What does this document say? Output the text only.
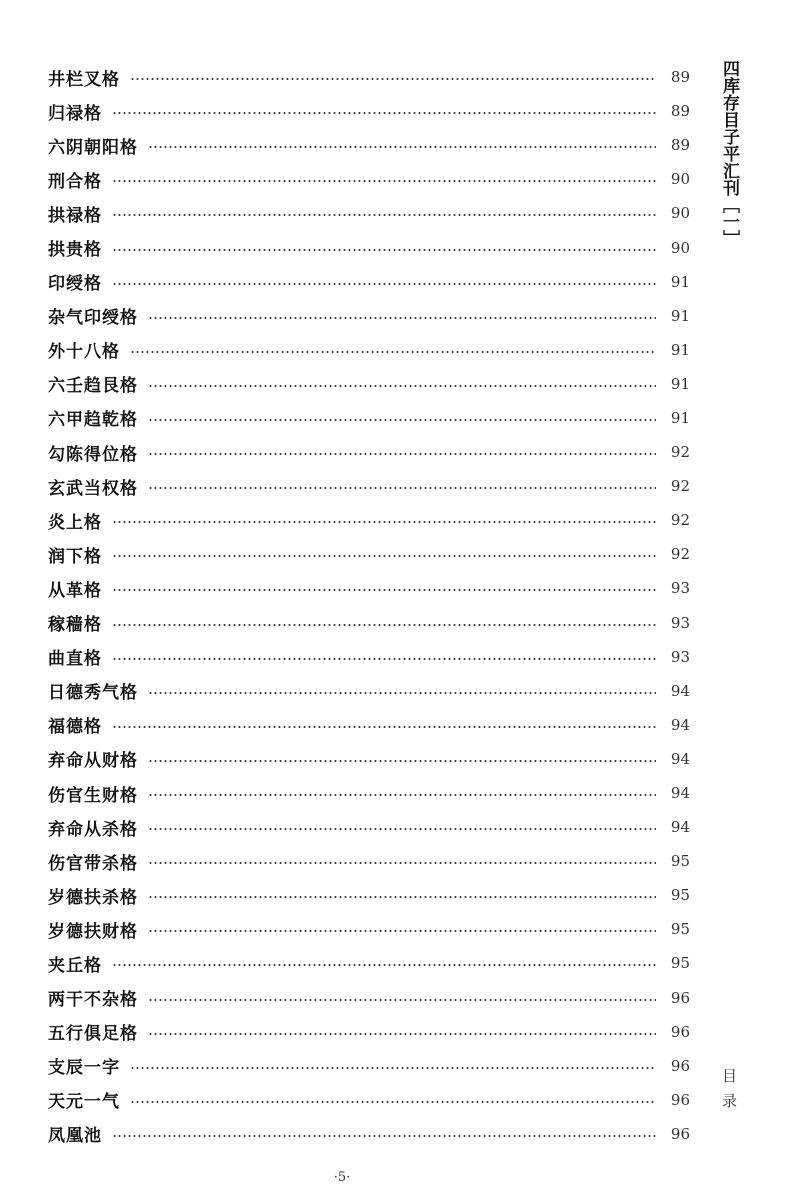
井栏叉格	89
归禄格	89
六阴朝阳格	89
刑合格	90
拱禄格	90
拱贵格	90
印绶格	91
杂气印绶格	91
外十八格	91
六壬趋艮格	91
六甲趋乾格	91
勾陈得位格	92
玄武当权格	92
炎上格	92
润下格	92
从革格	93
稼穑格	93
曲直格	93
日德秀气格	94
福德格	94
弃命从财格	94
伤官生财格	94
弃命从杀格	94
伤官带杀格	95
岁德扶杀格	95
岁德扶财格	95
夹丘格	95
两干不杂格	96
五行俱足格	96
支辰一字	96
天元一气	96
凤凰池	96
四库存目子平汇刊［一］
目录
·5·
